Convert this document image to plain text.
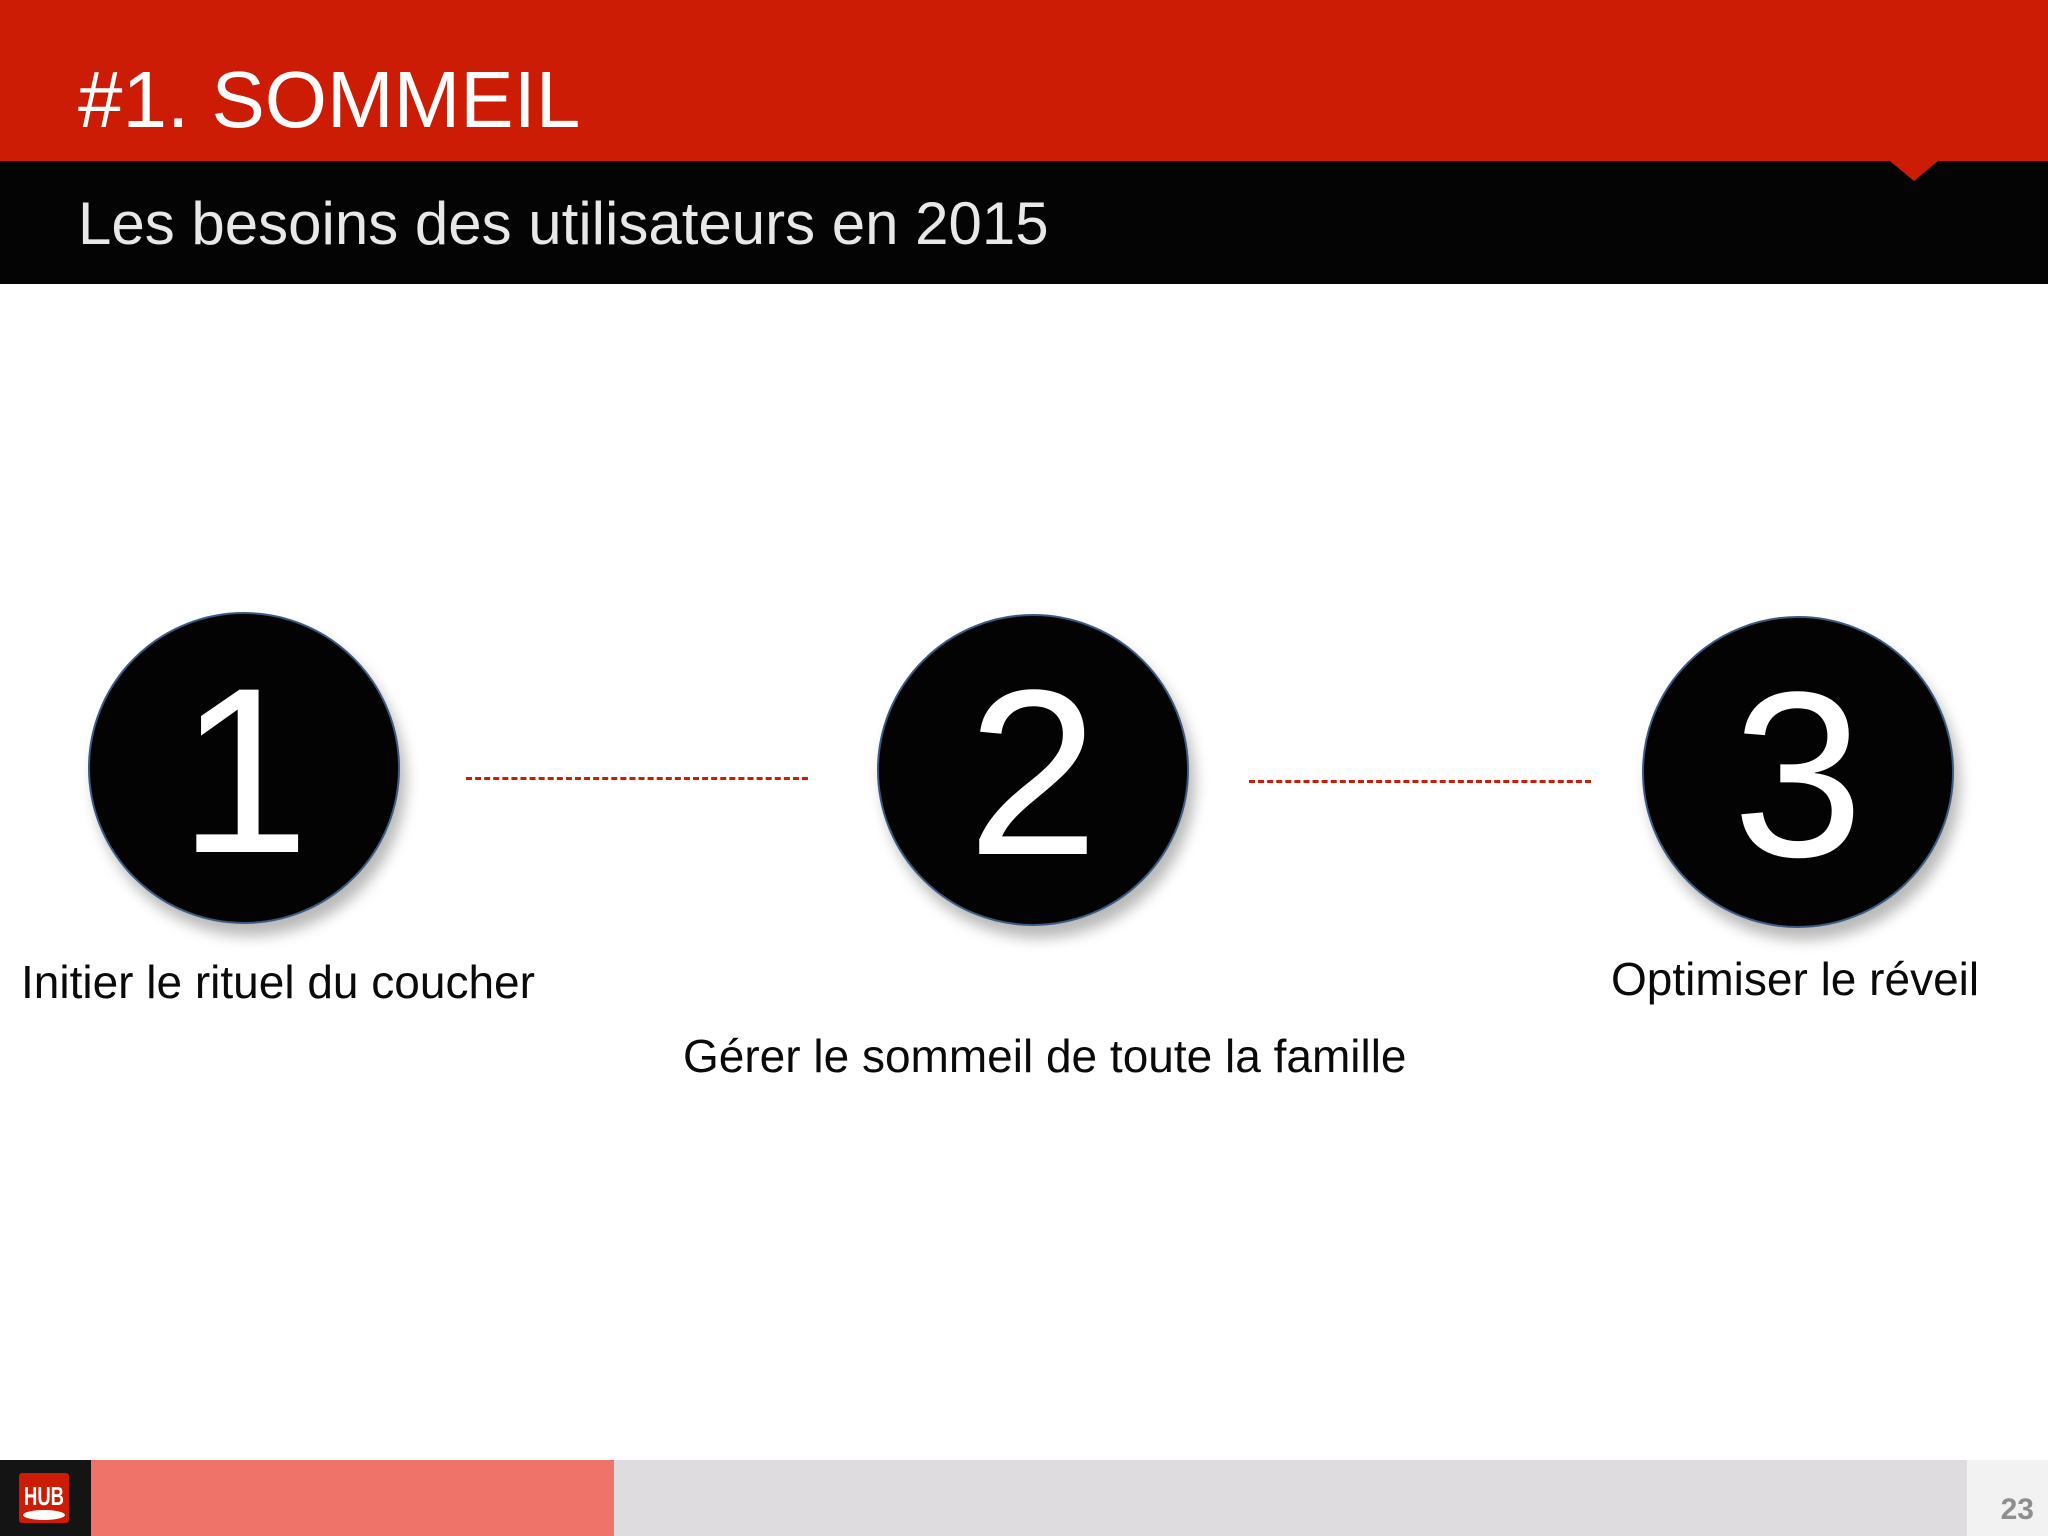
#1. SOMMEIL
Les besoins des utilisateurs en 2015
1	2	3
Initier le rituel du coucher
Gérer le sommeil de toute la famille
Optimiser le réveil
HUB	23
